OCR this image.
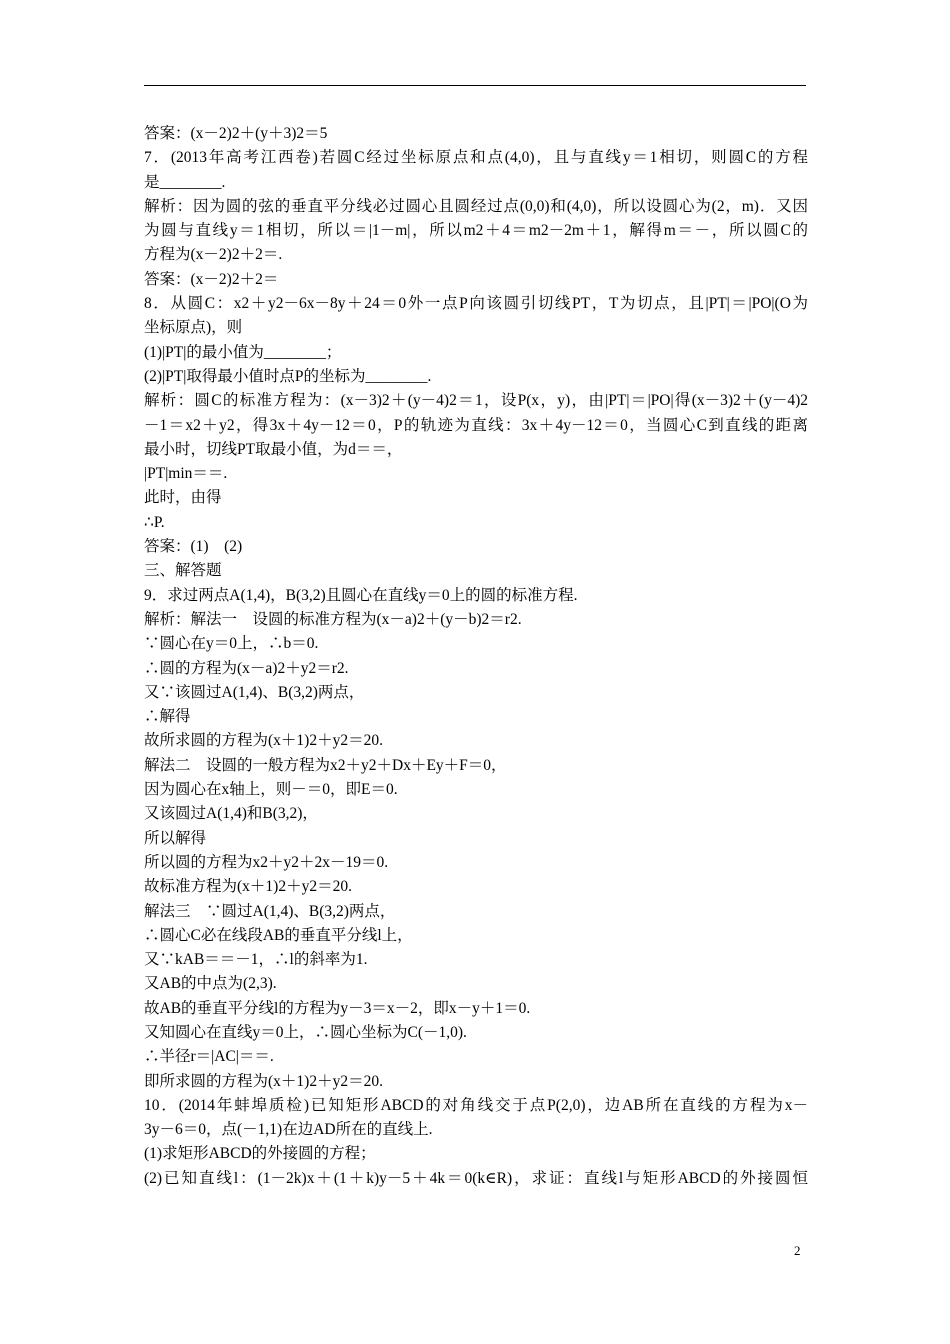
答案：(x－2)2＋(y＋3)2＝5
7．(2013年高考江西卷)若圆C经过坐标原点和点(4,0)，且与直线y＝1相切，则圆C的方程
是________.
解析：因为圆的弦的垂直平分线必过圆心且圆经过点(0,0)和(4,0)，所以设圆心为(2，m)．又因
为圆与直线y＝1相切，所以＝|1－m|，所以m2＋4＝m2－2m＋1，解得m＝－，所以圆C的
方程为(x－2)2＋2＝.
答案：(x－2)2＋2＝
8．从圆C：x2＋y2－6x－8y＋24＝0外一点P向该圆引切线PT，T为切点，且|PT|＝|PO|(O为
坐标原点)，则
(1)|PT|的最小值为________；
(2)|PT|取得最小值时点P的坐标为________.
解析：圆C的标准方程为：(x－3)2＋(y－4)2＝1，设P(x，y)，由|PT|＝|PO|得(x－3)2＋(y－4)2
－1＝x2＋y2，得3x＋4y－12＝0，P的轨迹为直线：3x＋4y－12＝0，当圆心C到直线的距离
最小时，切线PT取最小值，为d＝＝，
|PT|min＝＝.
此时，由得
∴P.
答案：(1)　(2)
三、解答题
9．求过两点A(1,4)，B(3,2)且圆心在直线y＝0上的圆的标准方程.
解析：解法一　设圆的标准方程为(x－a)2＋(y－b)2＝r2.
∵圆心在y＝0上，∴b＝0.
∴圆的方程为(x－a)2＋y2＝r2.
又∵该圆过A(1,4)、B(3,2)两点，
∴解得
故所求圆的方程为(x＋1)2＋y2＝20.
解法二　设圆的一般方程为x2＋y2＋Dx＋Ey＋F＝0，
因为圆心在x轴上，则－＝0，即E＝0.
又该圆过A(1,4)和B(3,2)，
所以解得
所以圆的方程为x2＋y2＋2x－19＝0.
故标准方程为(x＋1)2＋y2＝20.
解法三　∵圆过A(1,4)、B(3,2)两点，
∴圆心C必在线段AB的垂直平分线l上，
又∵kAB＝＝－1，∴l的斜率为1.
又AB的中点为(2,3).
故AB的垂直平分线l的方程为y－3＝x－2，即x－y＋1＝0.
又知圆心在直线y＝0上，∴圆心坐标为C(－1,0).
∴半径r＝|AC|＝＝.
即所求圆的方程为(x＋1)2＋y2＝20.
10．(2014年蚌埠质检)已知矩形ABCD的对角线交于点P(2,0)，边AB所在直线的方程为x－
3y－6＝0，点(－1,1)在边AD所在的直线上.
(1)求矩形ABCD的外接圆的方程；
(2)已知直线l：(1－2k)x＋(1＋k)y－5＋4k＝0(k∈R)，求证：直线l与矩形ABCD的外接圆恒
2
